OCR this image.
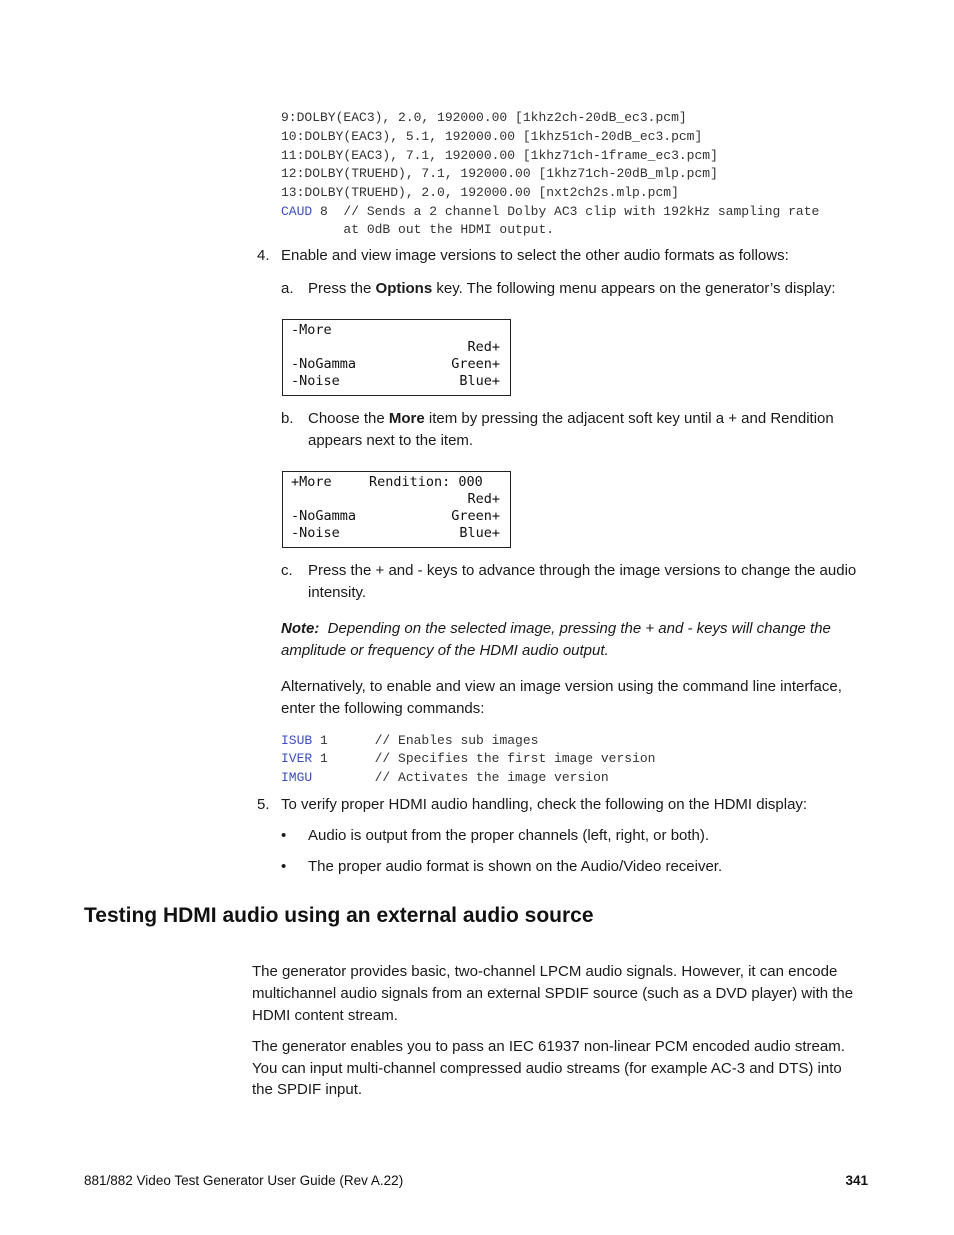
9:DOLBY(EAC3), 2.0, 192000.00 [1khz2ch-20dB_ec3.pcm]
10:DOLBY(EAC3), 5.1, 192000.00 [1khz51ch-20dB_ec3.pcm]
11:DOLBY(EAC3), 7.1, 192000.00 [1khz71ch-1frame_ec3.pcm]
12:DOLBY(TRUEHD), 7.1, 192000.00 [1khz71ch-20dB_mlp.pcm]
13:DOLBY(TRUEHD), 2.0, 192000.00 [nxt2ch2s.mlp.pcm]
CAUD 8  // Sends a 2 channel Dolby AC3 clip with 192kHz sampling rate
at 0dB out the HDMI output.
4. Enable and view image versions to select the other audio formats as follows:
a. Press the Options key. The following menu appears on the generator’s display:
-More
Red+
-NoGamma	Green+
-Noise	Blue+
b. Choose the More item by pressing the adjacent soft key until a + and Rendition
appears next to the item.
+More	Rendition: 000
Red+
-NoGamma	Green+
-Noise	Blue+
c. Press the + and - keys to advance through the image versions to change the audio
intensity.
Note: Depending on the selected image, pressing the + and - keys will change the
amplitude or frequency of the HDMI audio output.
Alternatively, to enable and view an image version using the command line interface,
enter the following commands:
ISUB 1      // Enables sub images
IVER 1      // Specifies the first image version
IMGU        // Activates the image version
5. To verify proper HDMI audio handling, check the following on the HDMI display:
• Audio is output from the proper channels (left, right, or both).
• The proper audio format is shown on the Audio/Video receiver.
Testing HDMI audio using an external audio source
The generator provides basic, two-channel LPCM audio signals. However, it can encode
multichannel audio signals from an external SPDIF source (such as a DVD player) with the
HDMI content stream.
The generator enables you to pass an IEC 61937 non-linear PCM encoded audio stream.
You can input multi-channel compressed audio streams (for example AC-3 and DTS) into
the SPDIF input.
881/882 Video Test Generator User Guide (Rev A.22)	341
